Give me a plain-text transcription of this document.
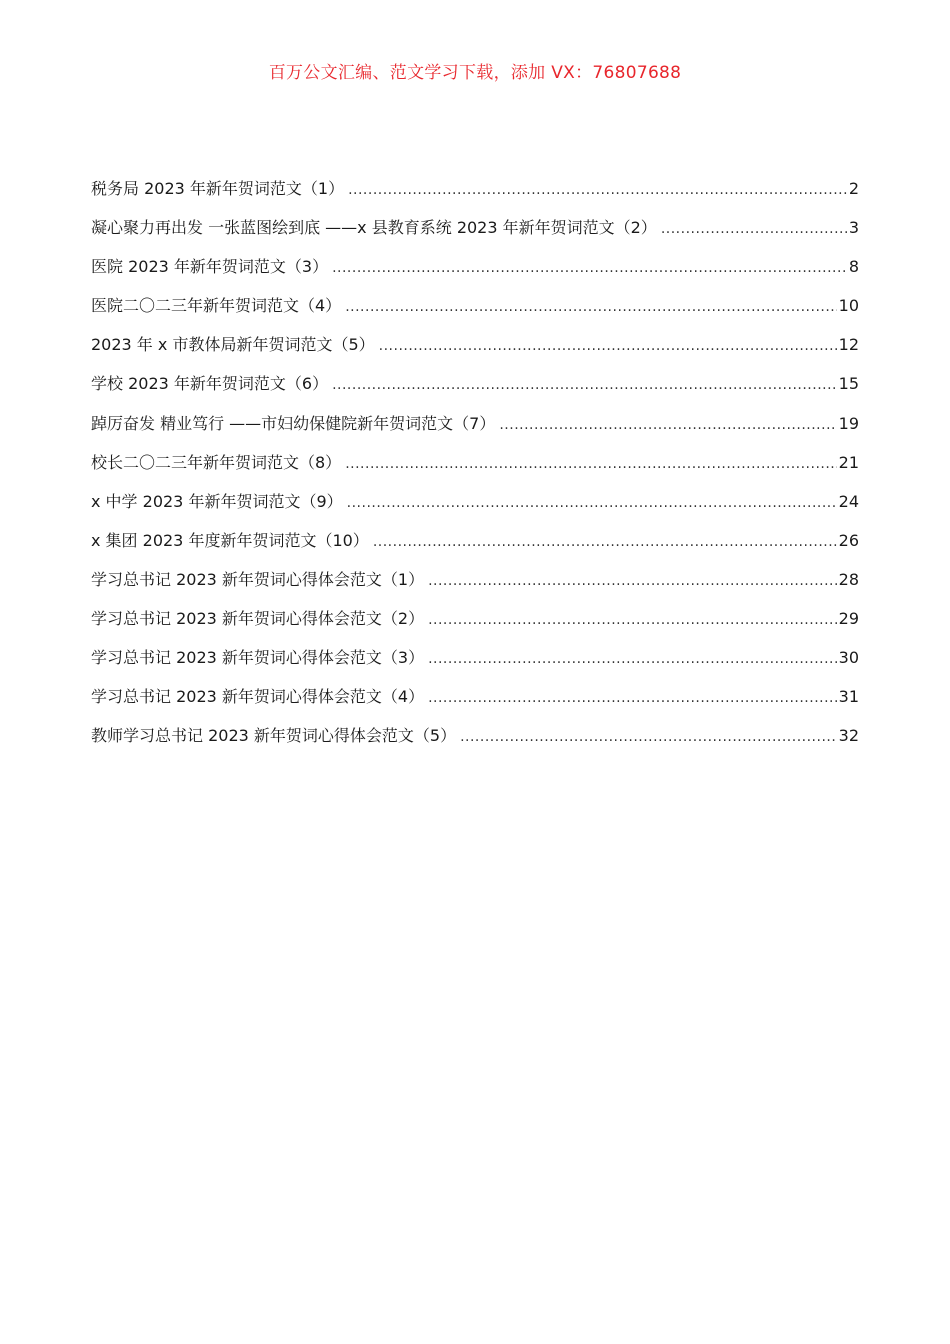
百万公文汇编、范文学习下载，添加 VX：76807688
税务局 2023 年新年贺词范文（1） .....	2
凝心聚力再出发 一张蓝图绘到底 ——x 县教育系统 2023 年新年贺词范文（2） .....	3
医院 2023 年新年贺词范文（3） .....	8
医院二〇二三年新年贺词范文（4） .....	10
2023 年 x 市教体局新年贺词范文（5） .....	12
学校 2023 年新年贺词范文（6） .....	15
踔厉奋发 精业笃行 ——市妇幼保健院新年贺词范文（7） .....	19
校长二〇二三年新年贺词范文（8） .....	21
x 中学 2023 年新年贺词范文（9） .....	24
x 集团 2023 年度新年贺词范文（10） .....	26
学习总书记 2023 新年贺词心得体会范文（1） .....	28
学习总书记 2023 新年贺词心得体会范文（2） .....	29
学习总书记 2023 新年贺词心得体会范文（3） .....	30
学习总书记 2023 新年贺词心得体会范文（4） .....	31
教师学习总书记 2023 新年贺词心得体会范文（5） .....	32
